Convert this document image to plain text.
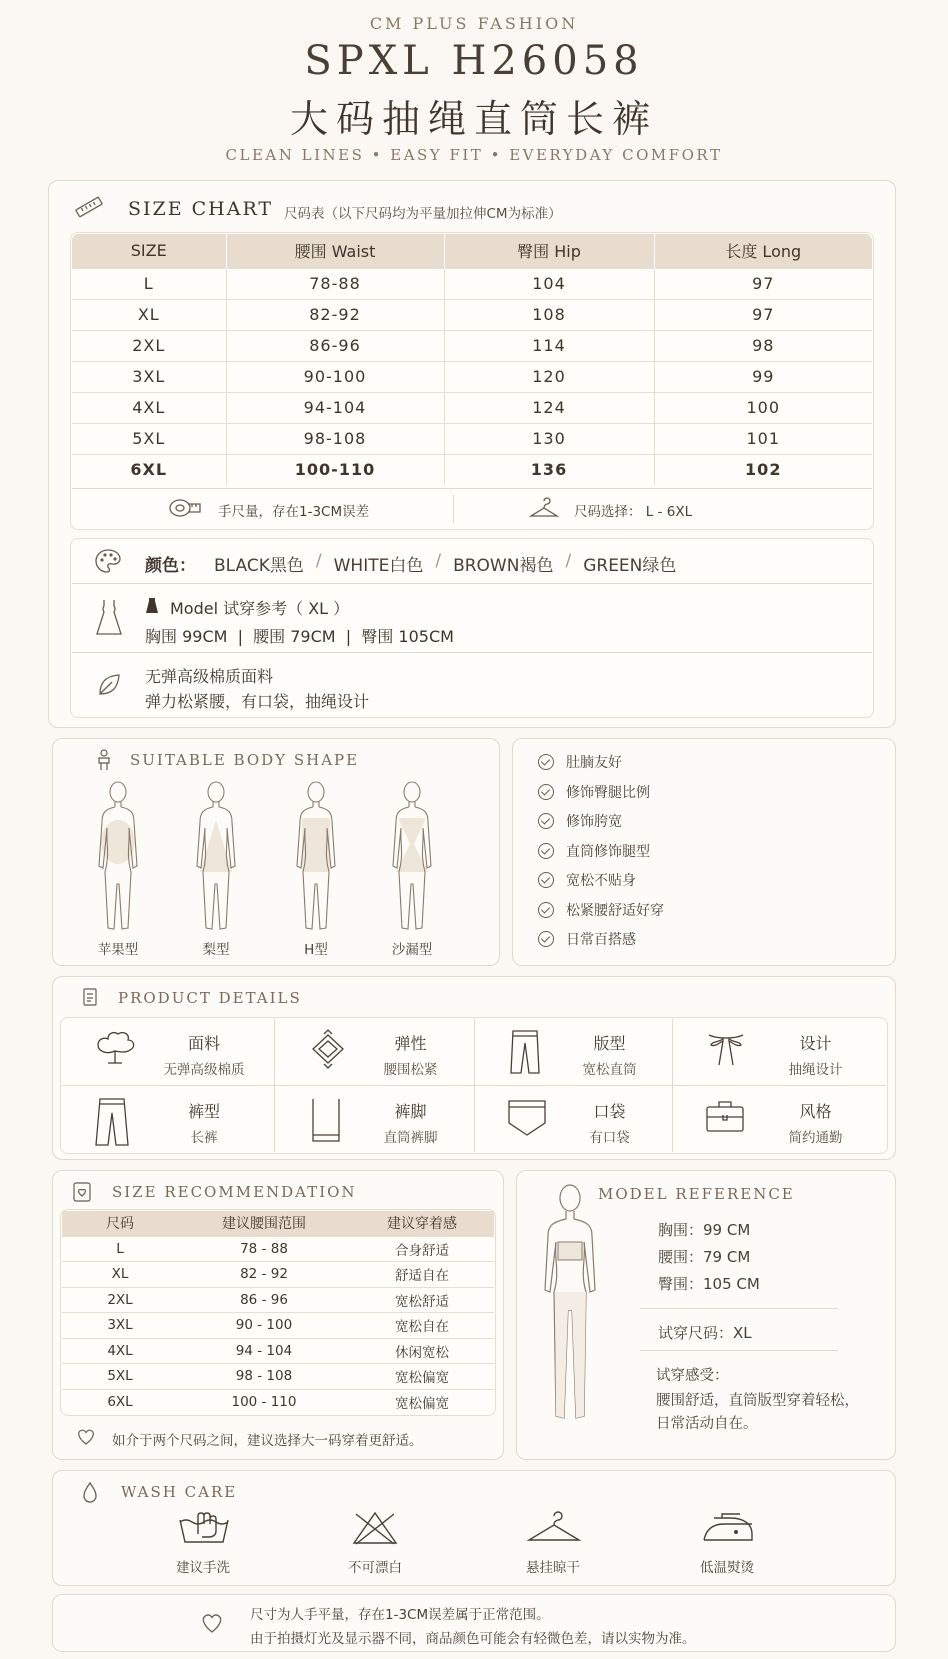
CM PLUS FASHION
SPXL H26058
大码抽绳直筒长裤
CLEAN LINES • EASY FIT • EVERYDAY COMFORT
SIZE CHART 尺码表（以下尺码均为平量加拉伸CM为标准）
SIZE	腰围 Waist	臀围 Hip	长度 Long
L	78-88	104	97
XL	82-92	108	97
2XL	86-96	114	98
3XL	90-100	120	99
4XL	94-104	124	100
5XL	98-108	130	101
6XL	100-110	136	102
手尺量，存在1-3CM误差	尺码选择： L - 6XL
颜色： BLACK黑色 / WHITE白色 / BROWN褐色 / GREEN绿色
Model 试穿参考（ XL ）
胸围 99CM  |  腰围 79CM  |  臀围 105CM
无弹高级棉质面料
弹力松紧腰，有口袋，抽绳设计
SUITABLE BODY SHAPE
苹果型	梨型	H型	沙漏型
肚腩友好
修饰臀腿比例
修饰胯宽
直筒修饰腿型
宽松不贴身
松紧腰舒适好穿
日常百搭感
PRODUCT DETAILS
面料
无弹高级棉质
弹性
腰围松紧
版型
宽松直筒
设计
抽绳设计
裤型
长裤
裤脚
直筒裤脚
口袋
有口袋
风格
简约通勤
SIZE RECOMMENDATION
尺码	建议腰围范围	建议穿着感
L	78 - 88	合身舒适
XL	82 - 92	舒适自在
2XL	86 - 96	宽松舒适
3XL	90 - 100	宽松自在
4XL	94 - 104	休闲宽松
5XL	98 - 108	宽松偏宽
6XL	100 - 110	宽松偏宽
如介于两个尺码之间，建议选择大一码穿着更舒适。
MODEL REFERENCE
胸围：99 CM
腰围：79 CM
臀围：105 CM
试穿尺码：XL
试穿感受：
腰围舒适，直筒版型穿着轻松，
日常活动自在。
WASH CARE
建议手洗	不可漂白	悬挂晾干	低温熨烫
尺寸为人手平量，存在1-3CM误差属于正常范围。
由于拍摄灯光及显示器不同，商品颜色可能会有轻微色差，请以实物为准。
